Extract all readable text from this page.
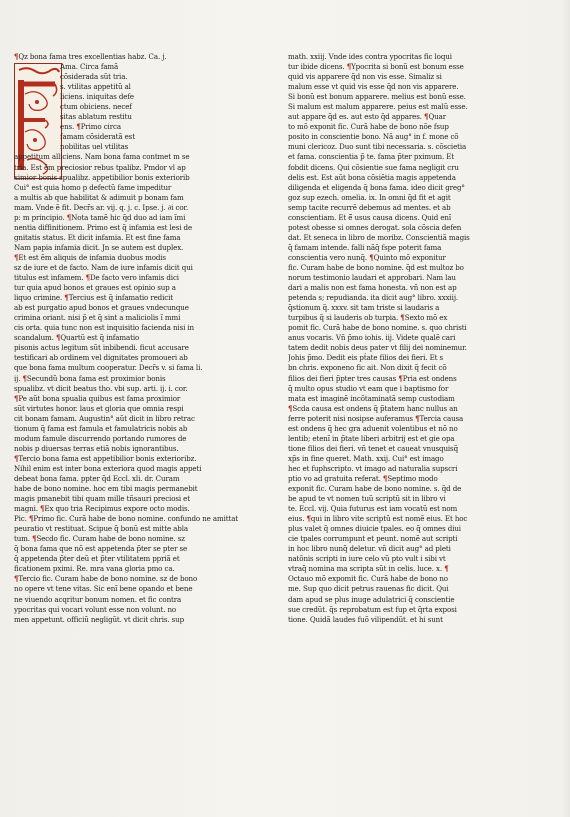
¶Qz bona fama tres excellentias habz. Ca. j.
Ama. Circa famã
cõsiderada sũt tria.
s. vtilitas appetitũ al
liciens. iniquitas defe
ctum obiciens. necef
sitas ablatum restitu
ens. ¶Primo circa
famam cõsideratã est
nobilitas uel vtilitas
appetitum alliciens. Nam bona fama contmet m se
tria. Est ẽm preciosior rebus tpalibz. Pmdor vl ap
ximior bonis spualibz. appetibilior bonis exteriorib
Cui° est quia homo p defectũ fame impeditur
a multis ab que habilitat & adimuit p bonam fam
mam. Vnde ẽ fit. Decr̃s ar. vij. q. j. c. Ipse. j. ∂i cor.
p: m principio. ¶Nota tamẽ hic q̃d duo ad iam ĩmi
nentia diffinitionem. Primo est q̃ infamia est lesi de
gnitatis status. Et dicit infamia. Et est fine fama
Nam papia infamia dicit. Jn se autem est duplex.
¶Et est ẽm aliquis de infamia duobus modis
sz de iure et de facto. Nam de iure infamis dicit qui
titulus est infamem. ¶De facto vero infamis dici
tur quia apud bonos et graues est opinio sup a
liquo crimine. ¶Tercius est q̃ infamatio redicit
ab est purgatio apud bonos et graues vndecunque
crimina oriant. nisi p̃ et q̃ sint a maliciolis ĩ mmi
cis orta. quia tunc non est inquisitio facienda nisi in
scandalum. ¶Quartũ est q̃ infamatio
pisonis actus legitum sũt inbibendi. ficut accusare
testificari ab ordinem vel dignitates promoueri ab
que bona fama multum cooperatur. Decr̃s v. si fama li.
ij. ¶Secundũ bona fama est proximior bonis
spualibz. vt dicit beatus tho. vbi sup. arti. ij. i. cor.
¶Pe aũt bona spualia quibus est fama proximior
sũt virtutes honor. laus et gloria que omnia respi
cit bonam famam. Augustin° aũt dicit in libro retrac
tionum q̃ fama est famula et famulatricis nobis ab
modum famule discurrendo portando rumores de
nobis p diuersas terras etiã nobis ignorantibus.
¶Tercio bona fama est appetibilior bonis exterioribz.
Nihil enim est inter bona exteriora quod magis appeti
debeat bona fama. ppter q̃d Eccl. xli. dr. Curam
habe de bono nomine. hoc em tibi magis permanebit
magis pmanebit tibi quam mille tñsauri preciosi et
magni. ¶Ex quo tria Recipimus expore octo modis.
Pic. ¶Primo fic. Curã habe de bono nomine. confundo ne amittat
peuratio vt restituat. Scipue q̃ bonũ est mitte abla
tum. ¶Secdo fic. Curam habe de bono nomine. sz
q̃ bona fama que nõ est appetenda p̃ter se pter se
q̃ appetenda p̃ter deũ et p̃ter vtilitatem ppriã et
ficationem pximi. Re. mra vana gloria pmo ca.
¶Tercio fic. Curam habe de bono nomine. sz de bono
no opere vt tene vitas. Sic enĩ bene opando et bene
ne viuendo acqritur bonum nomen. et fic contra
ypocritas qui vocari volunt esse non volunt. no
men appetunt. officiũ negligũt. vt dicit chris. sup
math. xxiij. Vnde ides contra ypocritas fic loqui
tur ibide dicens. ¶Ypocrita si bonũ est bonum esse
quid vis apparere q̃d non vis esse. Simaliz si
malum esse vt quid vis esse q̃d non vis apparere.
Si bonũ est bonum apparere. melius est bonũ esse.
Si malum est malum apparere. peius est malũ esse.
aut appare q̃d es. aut esto q̃d appares. ¶Quar
to mõ exponit fic. Curã habe de bono nõe fsup
posito in conscientie bono. Nã aug° in f. mone cõ
muni clericoz. Duo sunt tibi necessaria. s. cõscietia
et fama. conscientia p̃ te. fama p̃ter pximum. Et
fobdit dicens. Qui cõsientie sue fama negligit cru
delis est. Est aũt bona cõsiẽtia magis appetenda
diligenda et eligenda q̃ bona fama. ideo dicit greg°
goz sup ezech. omelia. ix. In omni q̃d fit et agit
semp tacite recurrẽ debemus ad mentes. et ab
conscientiam. Et ẽ̃ usus causa dicens. Quid enĩ
potest obesse si omnes derogat. sola cõscia defen
dat. Et seneca in libro de moribz. Conscientiã magis
q̃ famam intende. falli nãq̃ fspe poterit fama
conscientia vero nunq̃. ¶Quinto mõ exponitur
fic. Curam habe de bono nomine. q̃d est multoz bo
norum testimonio laudari et approbari. Nam lau
dari a malis non est fama honesta. vñ non est ap
petenda s; repudianda. ita dicit aug° libro. xxxiij.
q̃stionum q̃. xxxv. sit tam triste si laudaris a
turpibus q̃ si lauderis ob turpia. ¶Sexto mõ ex
pomit fic. Curã habe de bono nomine. s. quo christi
anus vocaris. Vñ p̃mo iohis. iij. Videte qualẽ cari
tatem dedit nobis deus pater vt filij dei nominemur.
Johis p̃mo. Dedit eis pt̃ate filios dei fieri. Et s
bn chris. exponeno fic ait. Non dixit q̃ fecit cõ
filios dei fieri p̃pter tres causas ¶Pria est ondens
q̃ multo opus studio vt eam que i baptismo for
mata est imaginẽ incõtaminatã semp custodiam
¶Scda causa est ondens q̃ p̃tatem hanc nullus an
ferre poterit nisi nosipse auferamus ¶Tercia causa
est ondens q̃ hec gra aduenit volentibus et nõ no
lentib; etenĩ in p̃tate liberi arbitrij est et gie opa
tione filios dei fieri. vñ tenet et caueat vnusquisq̃
xp̃s in fine queret. Math. xxij. Cui° est imago
hec et fuphscripto. vt imago ad naturalia supscri
ptio vo ad gratuita referat. ¶Septimo modo
exponit fic. Curam habe de bono nomine. s. q̃d de
be apud te vt nomen tuũ scriptũ sit in libro vi
te. Eccl. vij. Quia futurus est iam vocatũ est nom
eius. ¶qui in libro vite scriptũ est nomẽ eius. Et hoc
plus valet q̃ omnes diuicie tpales. eo q̃ omnes diui
cie tpales corrumpunt et peunt. nomẽ aut scripti
in hoc libro nunq̃ deletur. vñ dicit aug° ad pleti
natõnis scripti in iure celo vũ pto vult i sibi vt
vtraq̃ nomina ma scripta sũt in celis. luce. x. ¶
Octauo mõ expomit fic. Curã habe de bono no
me. Sup quo dicit petrus rauenas fic dicit. Qui
dam apud se plus inuge adulatrici q̃ conscientie
sue credũt. q̃s reprobatum est fup et q̃rta exposi
tione. Quidã laudes fuõ vilipendũt. et hi sunt
